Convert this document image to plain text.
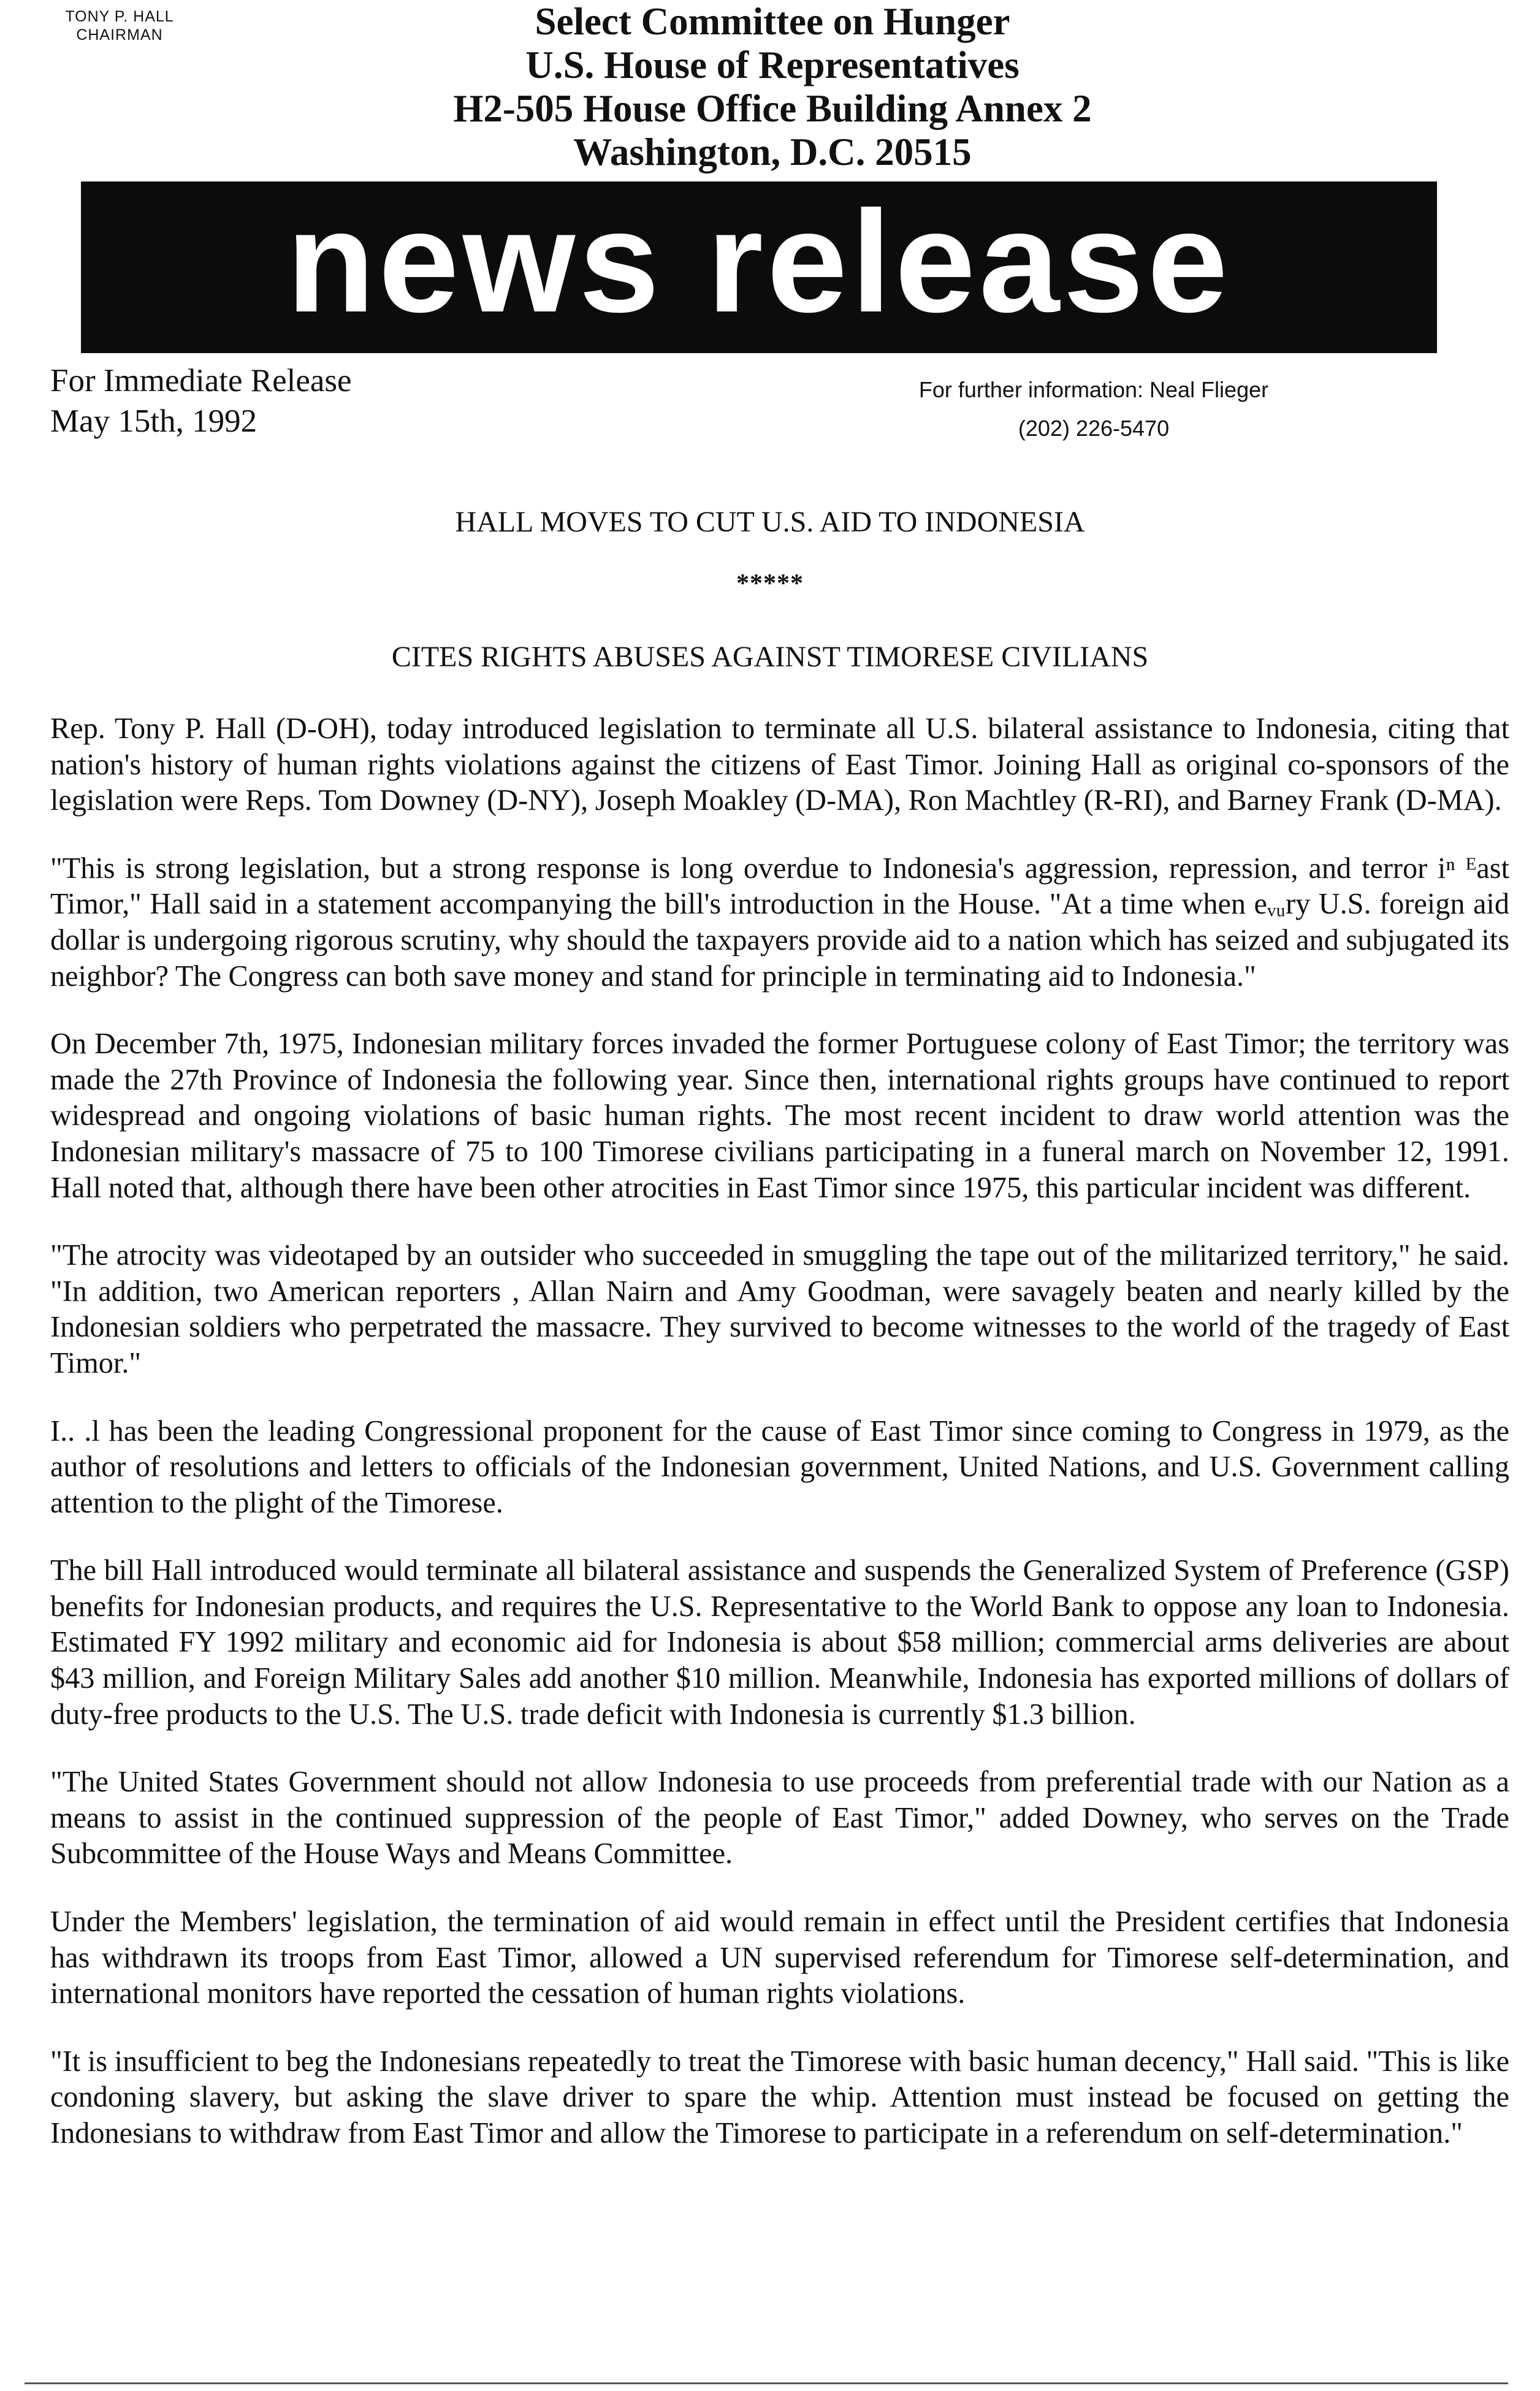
TONY P. HALL
CHAIRMAN	Select Committee on Hunger
U.S. House of Representatives
H2-505 House Office Building Annex 2
Washington, D.C. 20515
news release
For Immediate Release
May 15th, 1992
For further information: Neal Flieger
(202) 226-5470
HALL MOVES TO CUT U.S. AID TO INDONESIA
*****
CITES RIGHTS ABUSES AGAINST TIMORESE CIVILIANS

Rep. Tony P. Hall (D-OH), today introduced legislation to terminate all U.S. bilateral assistance to Indonesia, citing that nation's history of human rights violations against the citizens of East Timor. Joining Hall as original co-sponsors of the legislation were Reps. Tom Downey (D-NY), Joseph Moakley (D-MA), Ron Machtley (R-RI), and Barney Frank (D-MA).

"This is strong legislation, but a strong response is long overdue to Indonesia's aggression, repression, and terror iⁿ ᴱast Timor," Hall said in a statement accompanying the bill's introduction in the House. "At a time when eᵥᵤry U.S. foreign aid dollar is undergoing rigorous scrutiny, why should the taxpayers provide aid to a nation which has seized and subjugated its neighbor? The Congress can both save money and stand for principle in terminating aid to Indonesia."

On December 7th, 1975, Indonesian military forces invaded the former Portuguese colony of East Timor; the territory was made the 27th Province of Indonesia the following year. Since then, international rights groups have continued to report widespread and ongoing violations of basic human rights. The most recent incident to draw world attention was the Indonesian military's massacre of 75 to 100 Timorese civilians participating in a funeral march on November 12, 1991. Hall noted that, although there have been other atrocities in East Timor since 1975, this particular incident was different.

"The atrocity was videotaped by an outsider who succeeded in smuggling the tape out of the militarized territory," he said. "In addition, two American reporters , Allan Nairn and Amy Goodman, were savagely beaten and nearly killed by the Indonesian soldiers who perpetrated the massacre. They survived to become witnesses to the world of the tragedy of East Timor."

I.. .l has been the leading Congressional proponent for the cause of East Timor since coming to Congress in 1979, as the author of resolutions and letters to officials of the Indonesian government, United Nations, and U.S. Government calling attention to the plight of the Timorese.

The bill Hall introduced would terminate all bilateral assistance and suspends the Generalized System of Preference (GSP) benefits for Indonesian products, and requires the U.S. Representative to the World Bank to oppose any loan to Indonesia. Estimated FY 1992 military and economic aid for Indonesia is about $58 million; commercial arms deliveries are about $43 million, and Foreign Military Sales add another $10 million. Meanwhile, Indonesia has exported millions of dollars of duty-free products to the U.S. The U.S. trade deficit with Indonesia is currently $1.3 billion.

"The United States Government should not allow Indonesia to use proceeds from preferential trade with our Nation as a means to assist in the continued suppression of the people of East Timor," added Downey, who serves on the Trade Subcommittee of the House Ways and Means Committee.

Under the Members' legislation, the termination of aid would remain in effect until the President certifies that Indonesia has withdrawn its troops from East Timor, allowed a UN supervised referendum for Timorese self-determination, and international monitors have reported the cessation of human rights violations.

"It is insufficient to beg the Indonesians repeatedly to treat the Timorese with basic human decency," Hall said. "This is like condoning slavery, but asking the slave driver to spare the whip. Attention must instead be focused on getting the Indonesians to withdraw from East Timor and allow the Timorese to participate in a referendum on self-determination."
